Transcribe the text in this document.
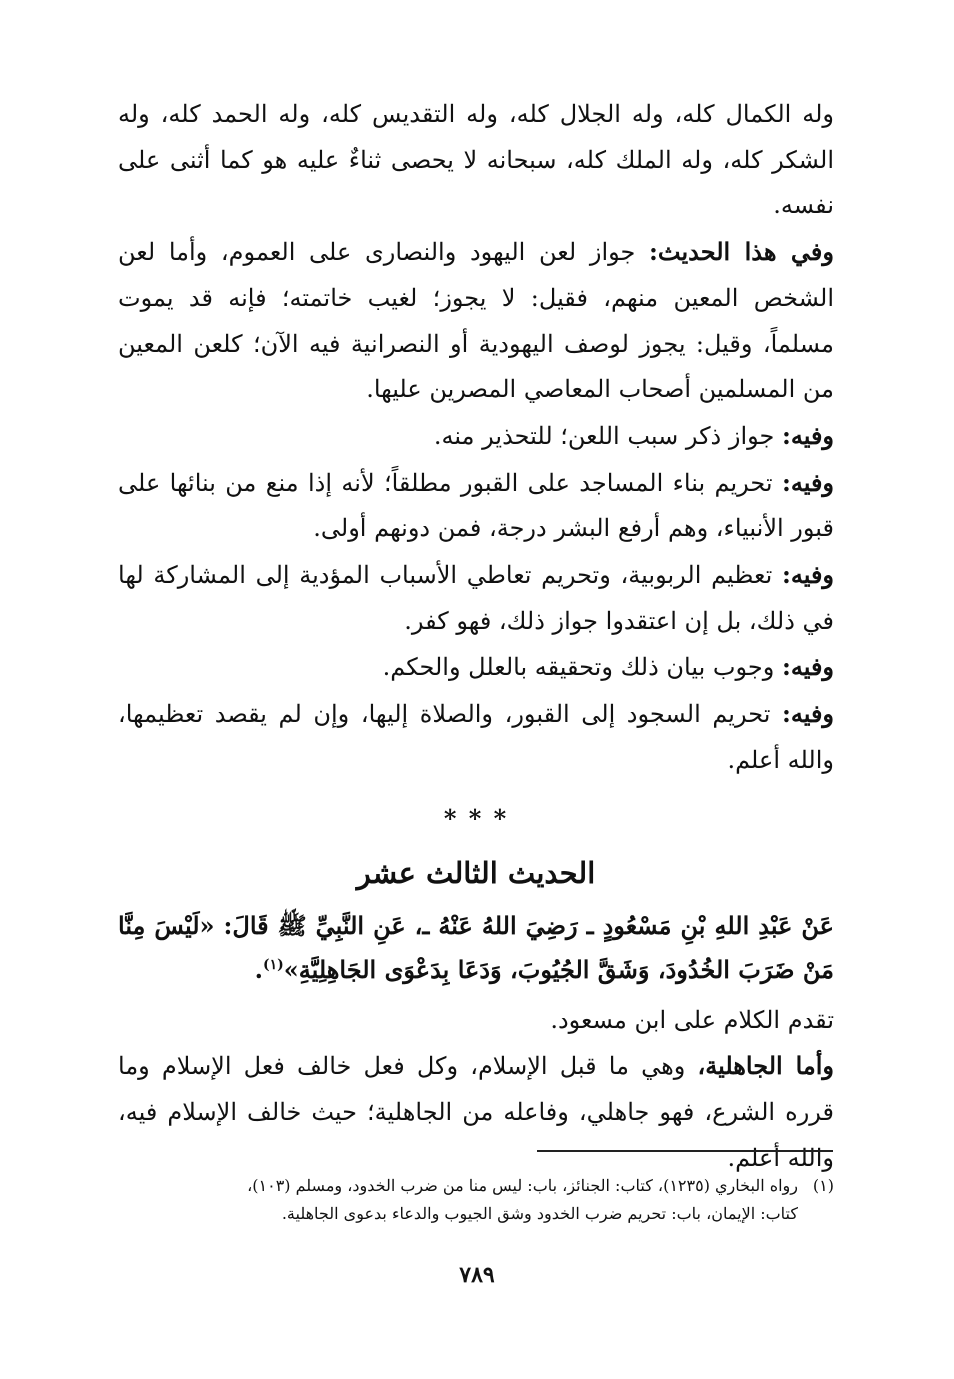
وله الكمال كله، وله الجلال كله، وله التقديس كله، وله الحمد كله، وله الشكر كله، وله الملك كله، سبحانه لا يحصى ثناءٌ عليه هو كما أثنى على نفسه.

وفي هذا الحديث: جواز لعن اليهود والنصارى على العموم، وأما لعن الشخص المعين منهم، فقيل: لا يجوز؛ لغيب خاتمته؛ فإنه قد يموت مسلماً، وقيل: يجوز لوصف اليهودية أو النصرانية فيه الآن؛ كلعن المعين من المسلمين أصحاب المعاصي المصرين عليها.

وفيه: جواز ذكر سبب اللعن؛ للتحذير منه.

وفيه: تحريم بناء المساجد على القبور مطلقاً؛ لأنه إذا منع من بنائها على قبور الأنبياء، وهم أرفع البشر درجة، فمن دونهم أولى.

وفيه: تعظيم الربوبية، وتحريم تعاطي الأسباب المؤدية إلى المشاركة لها في ذلك، بل إن اعتقدوا جواز ذلك، فهو كفر.

وفيه: وجوب بيان ذلك وتحقيقه بالعلل والحكم.

وفيه: تحريم السجود إلى القبور، والصلاة إليها، وإن لم يقصد تعظيمها، والله أعلم.

* * *
الحديث الثالث عشر

عَنْ عَبْدِ اللهِ بْنِ مَسْعُودٍ ـ رَضِيَ اللهُ عَنْهُ ـ، عَنِ النَّبِيِّ ﷺ قَالَ: «لَيْسَ مِنَّا مَنْ ضَرَبَ الخُدُودَ، وَشَقَّ الجُيُوبَ، وَدَعَا بِدَعْوَى الجَاهِلِيَّةِ»$^{(١)}$.

تقدم الكلام على ابن مسعود.

وأما الجاهلية، وهي ما قبل الإسلام، وكل فعل خالف فعل الإسلام وما قرره الشرع، فهو جاهلي، وفاعله من الجاهلية؛ حيث خالف الإسلام فيه، والله أعلم.

(١)رواه البخاري (١٢٣٥)، كتاب: الجنائز، باب: ليس منا من ضرب الخدود، ومسلم (١٠٣)،
كتاب: الإيمان، باب: تحريم ضرب الخدود وشق الجيوب والدعاء بدعوى الجاهلية.
٧٨٩
